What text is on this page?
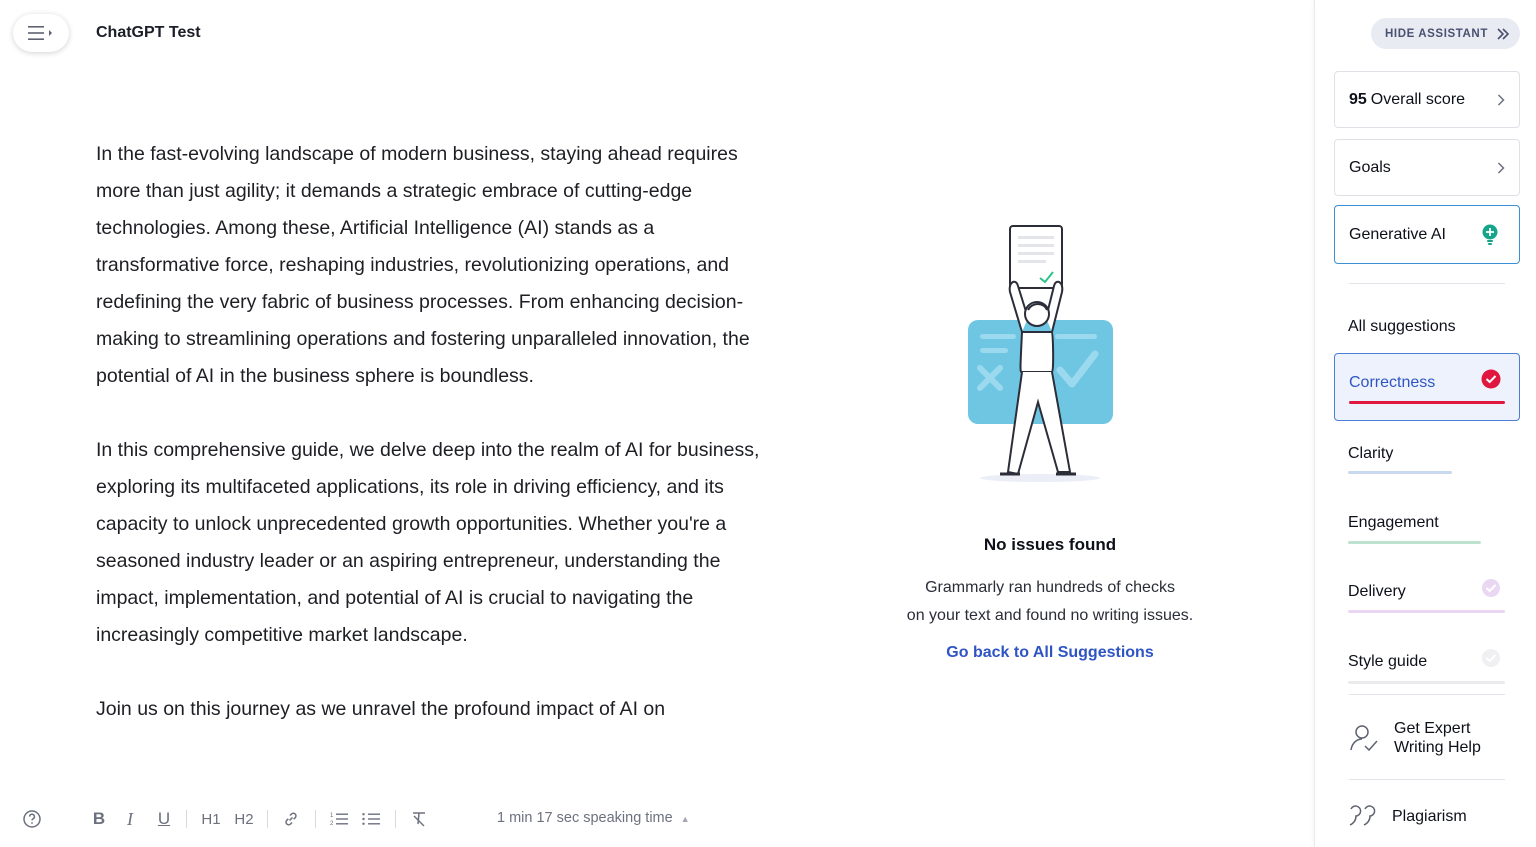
ChatGPT Test

In the fast-evolving landscape of modern business, staying ahead requires more than just agility; it demands a strategic embrace of cutting-edge technologies. Among these, Artificial Intelligence (AI) stands as a transformative force, reshaping industries, revolutionizing operations, and redefining the very fabric of business processes. From enhancing decision-making to streamlining operations and fostering unparalleled innovation, the potential of AI in the business sphere is boundless.

In this comprehensive guide, we delve deep into the realm of AI for business, exploring its multifaceted applications, its role in driving efficiency, and its capacity to unlock unprecedented growth opportunities. Whether you're a seasoned industry leader or an aspiring entrepreneur, understanding the impact, implementation, and potential of AI is crucial to navigating the increasingly competitive market landscape.

Join us on this journey as we unravel the profound impact of AI on

B I U H1 H2	1
2	1 min 17 sec speaking time ▲
No issues found
Grammarly ran hundreds of checks
on your text and found no writing issues.
Go back to All Suggestions
HIDE ASSISTANT
95 Overall score
Goals
Generative AI
All suggestions
Correctness
Clarity
Engagement
Delivery
Style guide
Get Expert
Writing Help
Plagiarism
